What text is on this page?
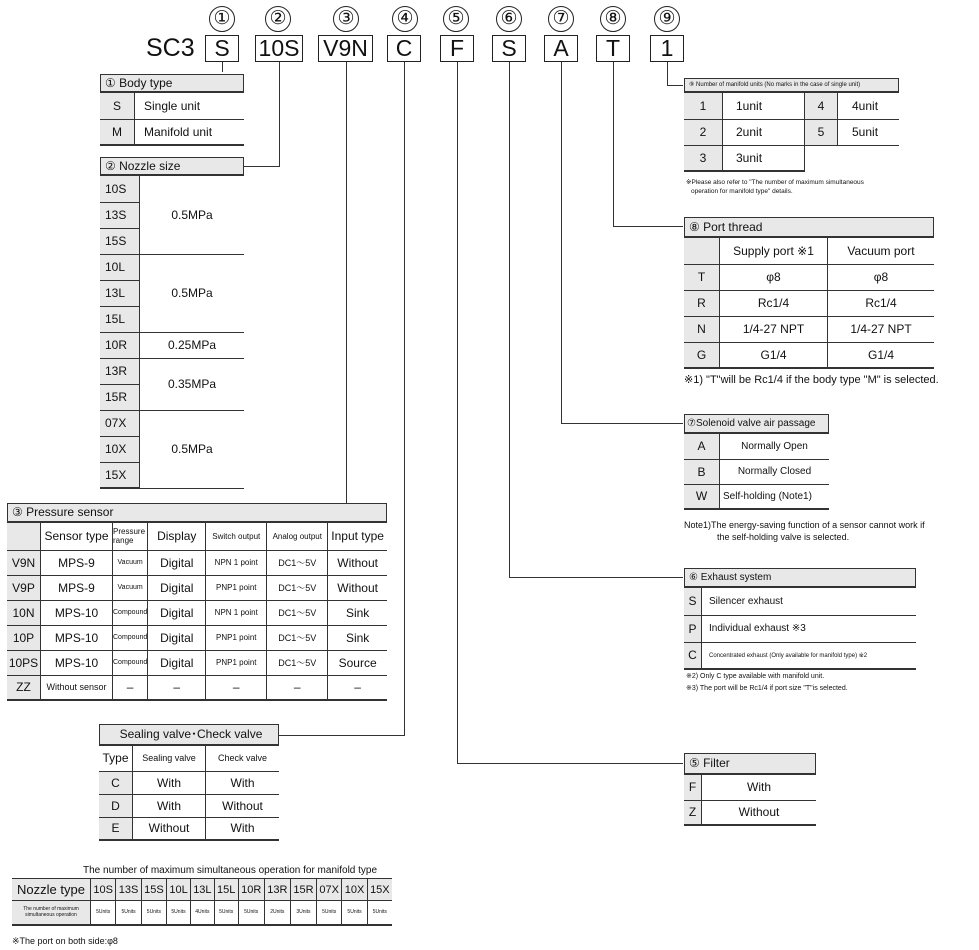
① ②	③ ④ ⑤ ⑥ ⑦ ⑧ ⑨
SC3 S	10S V9N	C	F	S	A	T	1
① Body type
S	Single unit
M	Manifold unit
② Nozzle size
10S	0.5MPa
13S	
15S	
10L	0.5MPa
13L	
15L	
10R	0.25MPa
13R	0.35MPa
15R	
07X	0.5MPa
10X	
15X	
③ Pressure sensor
	Sensor type	Pressure range	Display	Switch output	Analog output	Input type
V9N	MPS-9	Vacuum	Digital	NPN 1 point	DC1～5V	Without
V9P	MPS-9	Vacuum	Digital	PNP1 point	DC1～5V	Without
10N	MPS-10	Compound	Digital	NPN 1 point	DC1～5V	Sink
10P	MPS-10	Compound	Digital	PNP1 point	DC1～5V	Sink
10PS	MPS-10	Compound	Digital	PNP1 point	DC1～5V	Source
ZZ	Without sensor	–	–	–	–	–
Sealing valve･Check valve
Type	Sealing valve	Check valve
C	With	With
D	With	Without
E	Without	With
The number of maximum simultaneous operation for manifold type
Nozzle type	10S	13S	15S	10L	13L	15L	10R	13R	15R	07X	10X	15X
The number of maximum simultaneous operation	5Units	5Units	5Units	5Units	4Units	5Units	5Units	2Units	3Units	5Units	5Units	5Units
※The port on both side:φ8
⑨ Number of manifold units (No marks in the case of single unit)
1	1unit	4	4unit
2	2unit	5	5unit
3	3unit		
※Please also refer to "The number of maximum simultaneous
operation for manifold type" details.
⑧ Port thread
	Supply port ※1	Vacuum port
T	φ8	φ8
R	Rc1/4	Rc1/4
N	1/4-27 NPT	1/4-27 NPT
G	G1/4	G1/4
※1) "T"will be Rc1/4 if the body type "M" is selected.
⑦Solenoid valve air passage
A	Normally Open
B	Normally Closed
W	Self-holding (Note1)
Note1)The energy-saving function of a sensor cannot work if
the self-holding valve is selected.
⑥ Exhaust system
S	Silencer exhaust
P	Individual exhaust ※3
C	Concentrated exhaust (Only available for manifold type) ※2
※2) Only C type available with manifold unit.
※3) The port will be Rc1/4 if port size "T"is selected.
⑤ Filter
F	With
Z	Without
